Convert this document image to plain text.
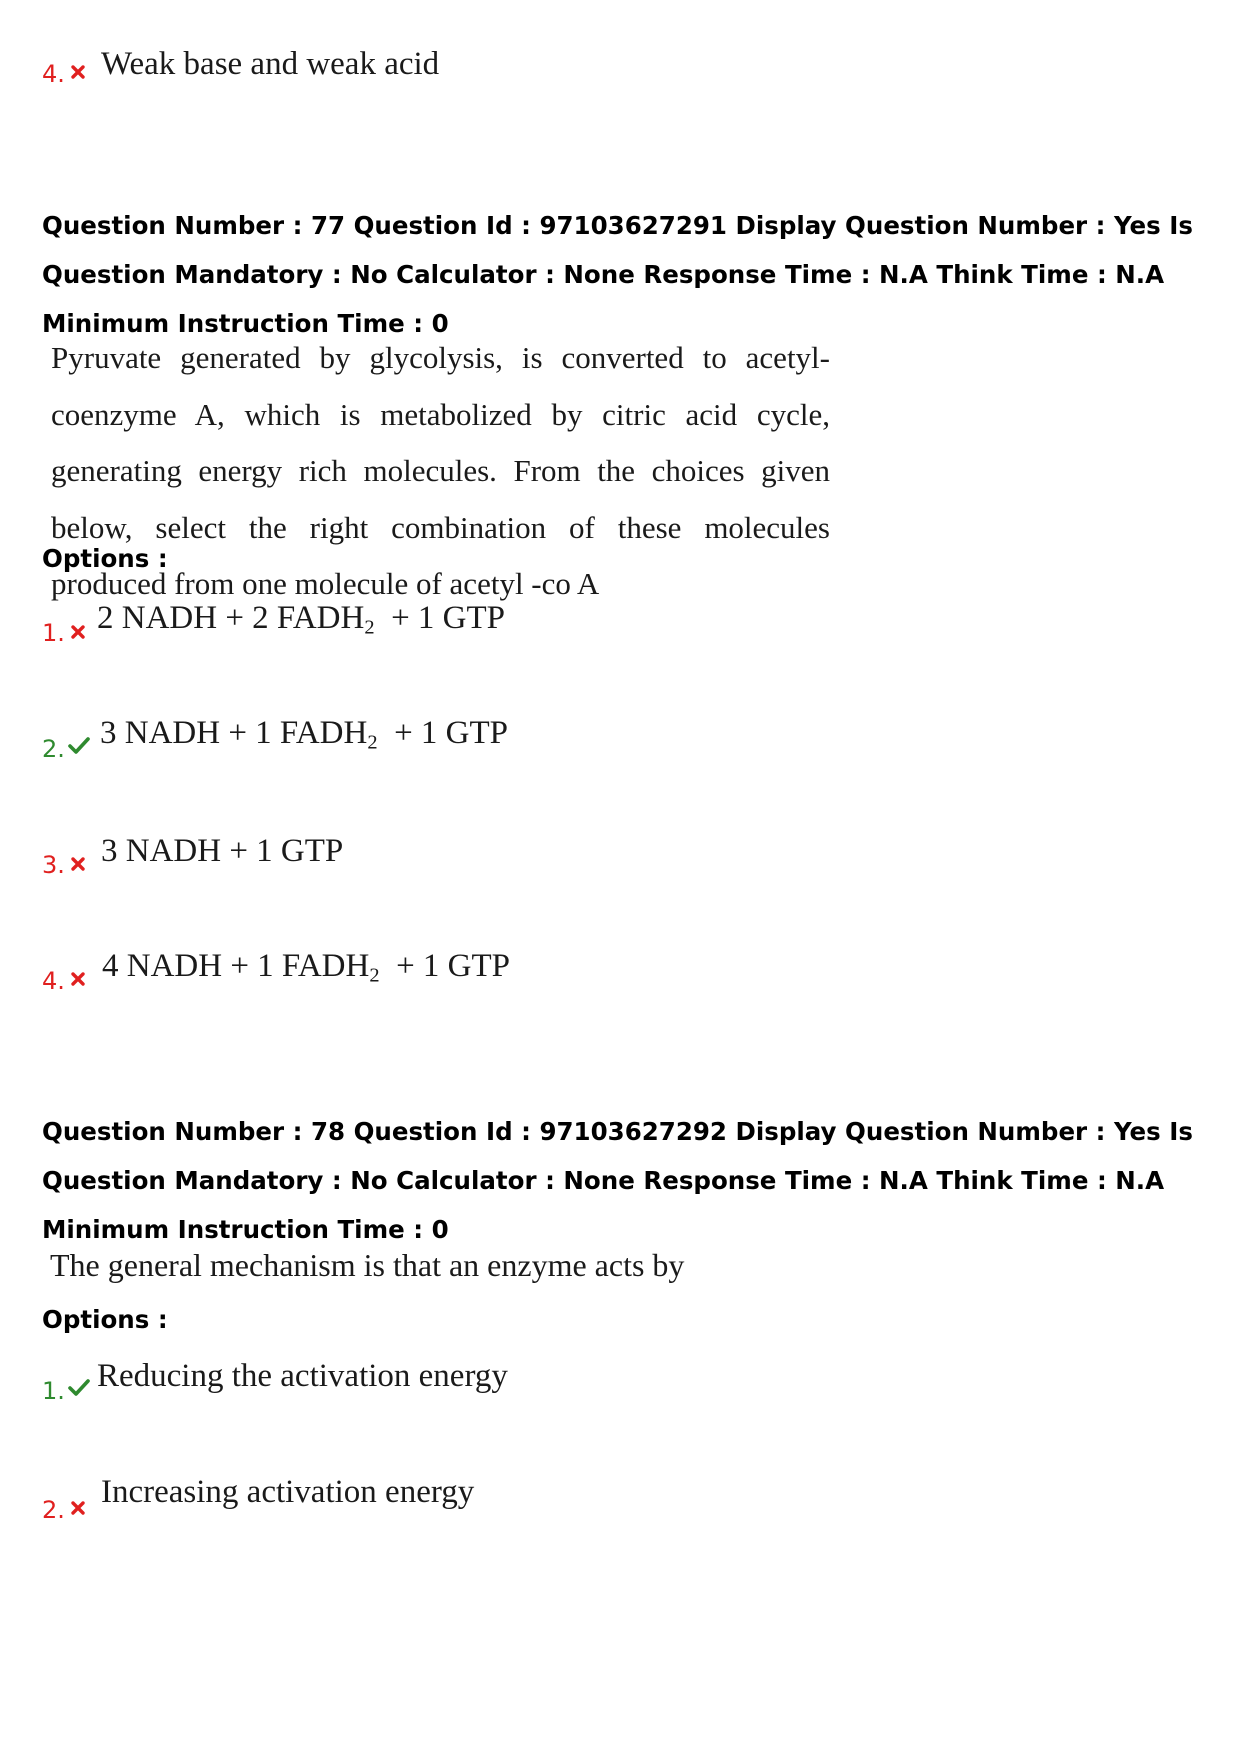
4. Weak base and weak acid
Question Number : 77 Question Id : 97103627291 Display Question Number : Yes Is Question Mandatory : No Calculator : None Response Time : N.A Think Time : N.A Minimum Instruction Time : 0
Pyruvate generated by glycolysis, is converted to acetyl-coenzyme A, which is metabolized by citric acid cycle, generating energy rich molecules. From the choices given below, select the right combination of these molecules produced from one molecule of acetyl -co A
Options :
1. 2 NADH + 2 $FADH_2 + 1$ GTP
2. 3 NADH + 1 $FADH_2 + 1$ GTP
3. 3 NADH + 1 GTP
4. 4 NADH + 1 $FADH_2 + 1$ GTP
Question Number : 78 Question Id : 97103627292 Display Question Number : Yes Is Question Mandatory : No Calculator : None Response Time : N.A Think Time : N.A Minimum Instruction Time : 0
The general mechanism is that an enzyme acts by
Options :
1. Reducing the activation energy
2. Increasing activation energy
